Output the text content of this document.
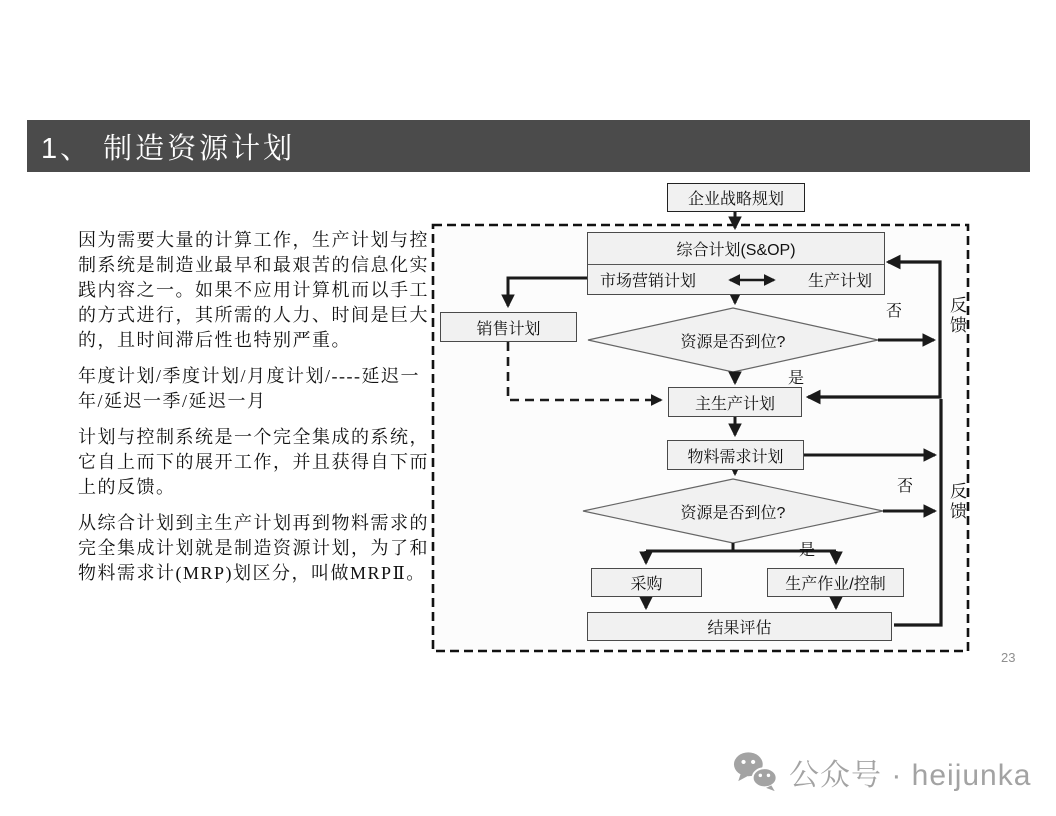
1、 制造资源计划

因为需要大量的计算工作，生产计划与控制系统是制造业最早和最艰苦的信息化实践内容之一。如果不应用计算机而以手工的方式进行，其所需的人力、时间是巨大的，且时间滞后性也特别严重。

年度计划/季度计划/月度计划/----延迟一年/延迟一季/延迟一月

计划与控制系统是一个完全集成的系统，它自上而下的展开工作，并且获得自下而上的反馈。

从综合计划到主生产计划再到物料需求的完全集成计划就是制造资源计划，为了和物料需求计(MRP)划区分，叫做MRPⅡ。

企业战略规划
综合计划(S&OP)
市场营销计划	生产计划
销售计划
资源是否到位?
主生产计划
物料需求计划
资源是否到位?
采购	生产作业/控制
结果评估
是
否	反馈
是
否 反馈
23
公众号 · heijunka
